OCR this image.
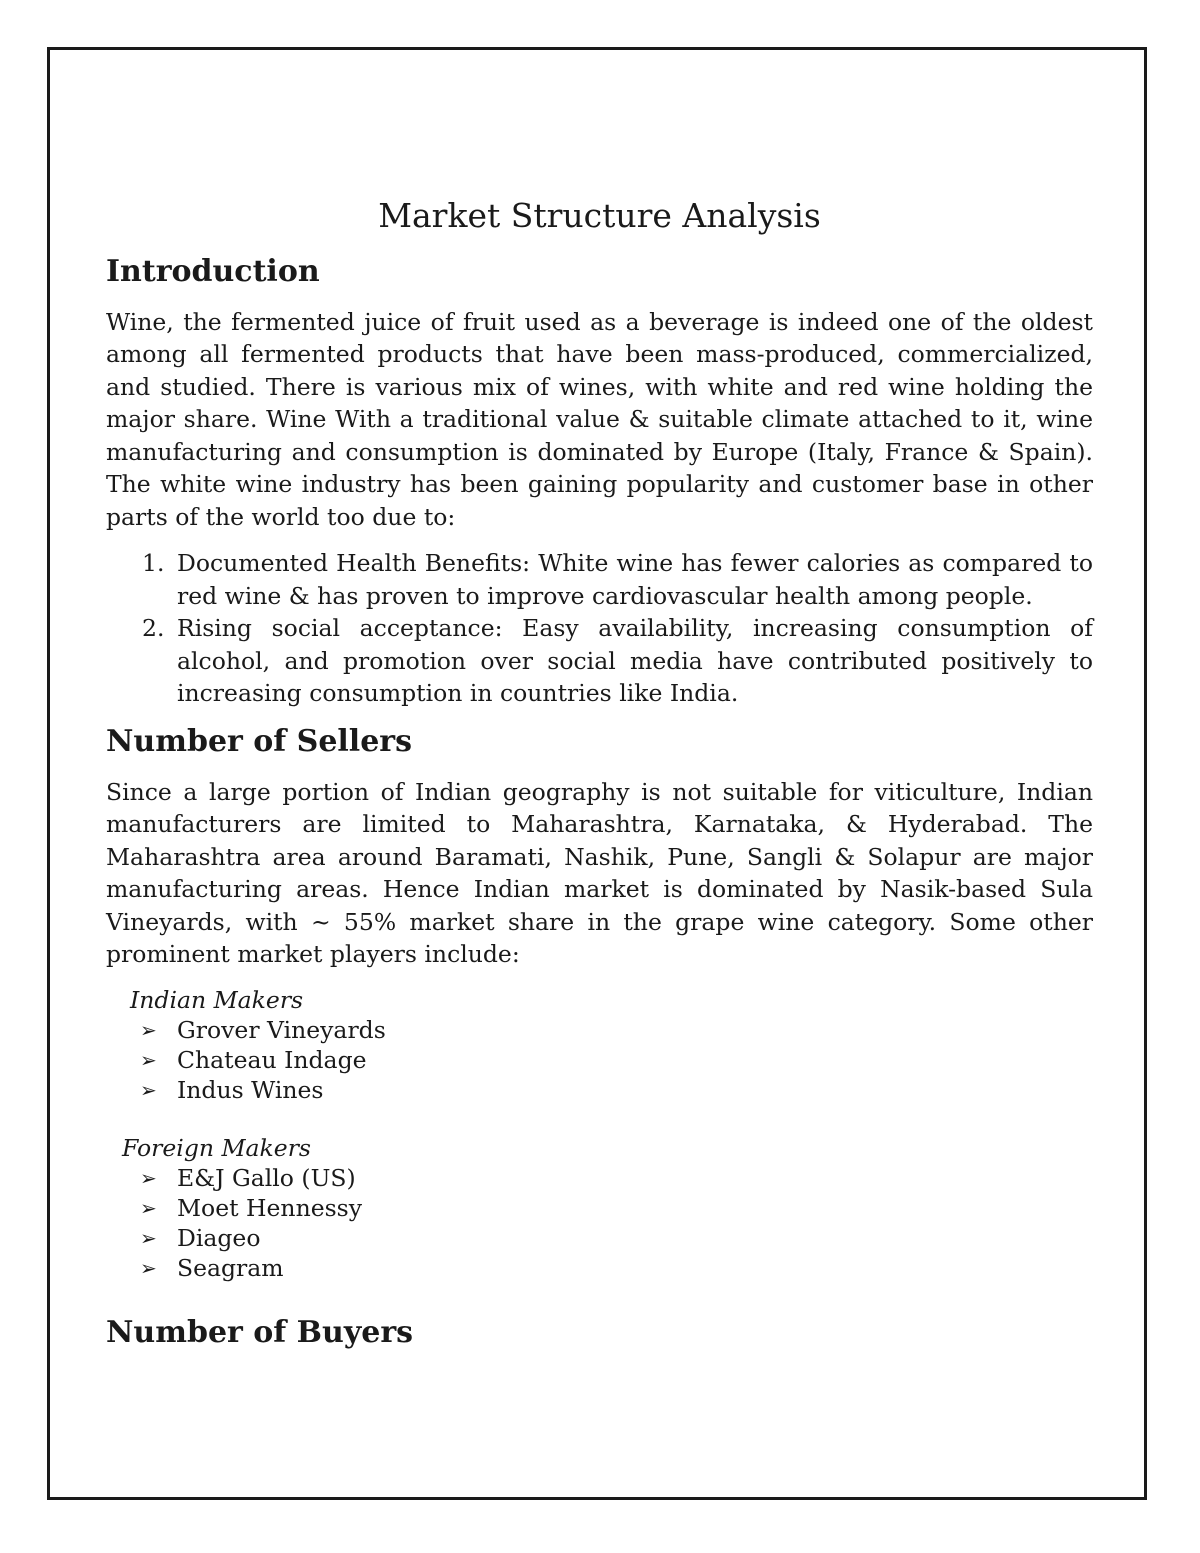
Market Structure Analysis
Introduction

Wine, the fermented juice of fruit used as a beverage is indeed one of the oldest among all fermented products that have been mass-produced, commercialized, and studied. There is various mix of wines, with white and red wine holding the major share. Wine With a traditional value & suitable climate attached to it, wine manufacturing and consumption is dominated by Europe (Italy, France & Spain). The white wine industry has been gaining popularity and customer base in other parts of the world too due to:

1. Documented Health Benefits: White wine has fewer calories as compared to red wine & has proven to improve cardiovascular health among people.
2. Rising social acceptance: Easy availability, increasing consumption of alcohol, and promotion over social media have contributed positively to increasing consumption in countries like India.
Number of Sellers

Since a large portion of Indian geography is not suitable for viticulture, Indian manufacturers are limited to Maharashtra, Karnataka, & Hyderabad. The Maharashtra area around Baramati, Nashik, Pune, Sangli & Solapur are major manufacturing areas. Hence Indian market is dominated by Nasik-based Sula Vineyards, with ~ 55% market share in the grape wine category. Some other prominent market players include:

Indian Makers

➢ Grover Vineyards
➢ Chateau Indage
➢ Indus Wines

Foreign Makers

➢ E&J Gallo (US)
➢ Moet Hennessy
➢ Diageo
➢ Seagram
Number of Buyers
